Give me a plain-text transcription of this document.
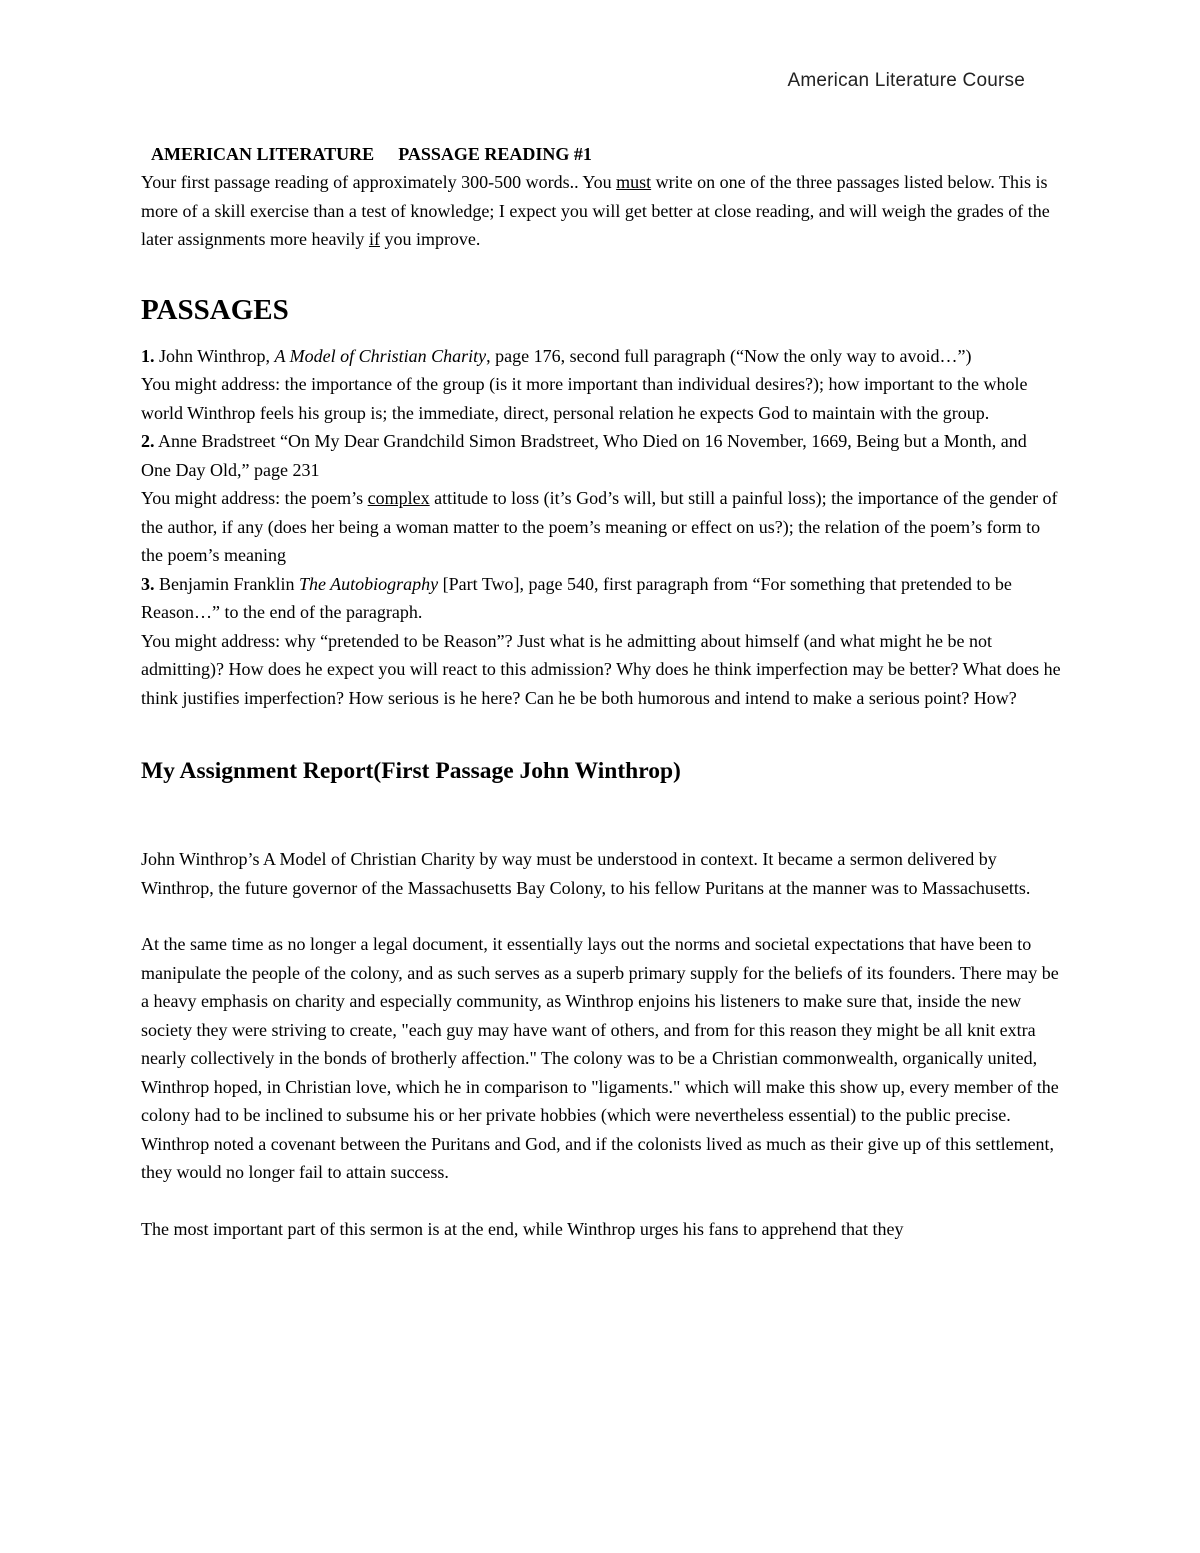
American Literature Course
AMERICAN LITERATURE PASSAGE READING #1

Your first passage reading of approximately 300-500 words.. You must write on one of the three passages listed below. This is more of a skill exercise than a test of knowledge; I expect you will get better at close reading, and will weigh the grades of the later assignments more heavily if you improve.

PASSAGES

1. John Winthrop, A Model of Christian Charity, page 176, second full paragraph (“Now the only way to avoid…”)

You might address: the importance of the group (is it more important than individual desires?); how important to the whole world Winthrop feels his group is; the immediate, direct, personal relation he expects God to maintain with the group.

2. Anne Bradstreet “On My Dear Grandchild Simon Bradstreet, Who Died on 16 November, 1669, Being but a Month, and One Day Old,” page 231

You might address: the poem’s complex attitude to loss (it’s God’s will, but still a painful loss); the importance of the gender of the author, if any (does her being a woman matter to the poem’s meaning or effect on us?); the relation of the poem’s form to the poem’s meaning

3. Benjamin Franklin The Autobiography [Part Two], page 540, first paragraph from “For something that pretended to be Reason…” to the end of the paragraph.

You might address: why “pretended to be Reason”? Just what is he admitting about himself (and what might he be not admitting)? How does he expect you will react to this admission? Why does he think imperfection may be better? What does he think justifies imperfection? How serious is he here? Can he be both humorous and intend to make a serious point? How?

My Assignment Report(First Passage John Winthrop)

John Winthrop’s A Model of Christian Charity by way must be understood in context. It became a sermon delivered by Winthrop, the future governor of the Massachusetts Bay Colony, to his fellow Puritans at the manner was to Massachusetts.

At the same time as no longer a legal document, it essentially lays out the norms and societal expectations that have been to manipulate the people of the colony, and as such serves as a superb primary supply for the beliefs of its founders. There may be a heavy emphasis on charity and especially community, as Winthrop enjoins his listeners to make sure that, inside the new society they were striving to create, "each guy may have want of others, and from for this reason they might be all knit extra nearly collectively in the bonds of brotherly affection." The colony was to be a Christian commonwealth, organically united, Winthrop hoped, in Christian love, which he in comparison to "ligaments." which will make this show up, every member of the colony had to be inclined to subsume his or her private hobbies (which were nevertheless essential) to the public precise. Winthrop noted a covenant between the Puritans and God, and if the colonists lived as much as their give up of this settlement, they would no longer fail to attain success.

The most important part of this sermon is at the end, while Winthrop urges his fans to apprehend that they
